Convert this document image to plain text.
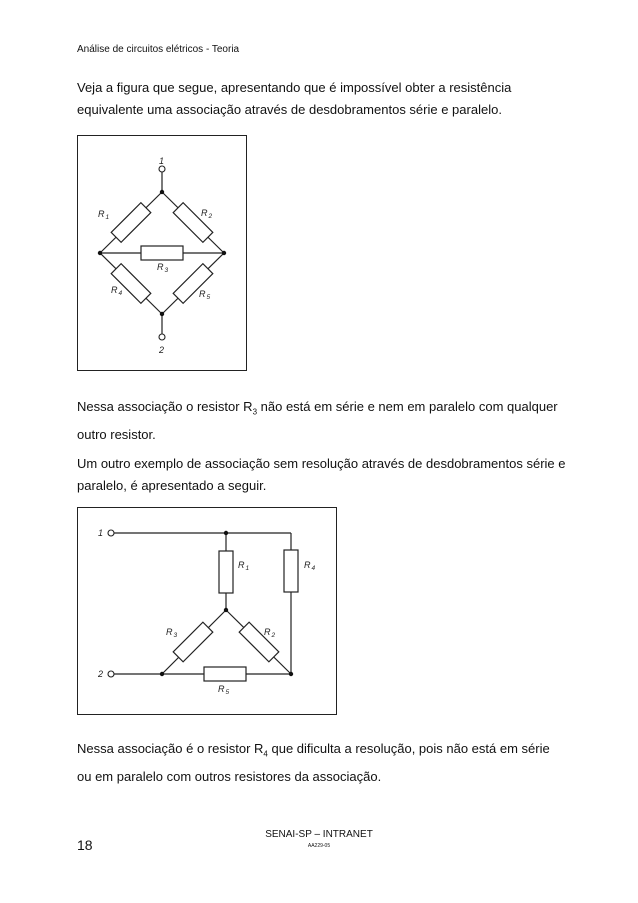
Análise de circuitos elétricos - Teoria
Veja a figura que segue, apresentando que é impossível obter a resistência equivalente uma associação através de desdobramentos série e paralelo.
1
2
$R_1$	$R_2$
$R_3$
$R_4$	$R_5$
Nessa associação o resistor $R_3$ não está em série e nem em paralelo com qualquer outro resistor.
Um outro exemplo de associação sem resolução através de desdobramentos série e paralelo, é apresentado a seguir.
1
2
$R_1$	$R_4$
$R_3$	$R_2$
$R_5$
Nessa associação é o resistor $R_4$ que dificulta a resolução, pois não está em série ou em paralelo com outros resistores da associação.
SENAI-SP – INTRANET
AA229-05
18
